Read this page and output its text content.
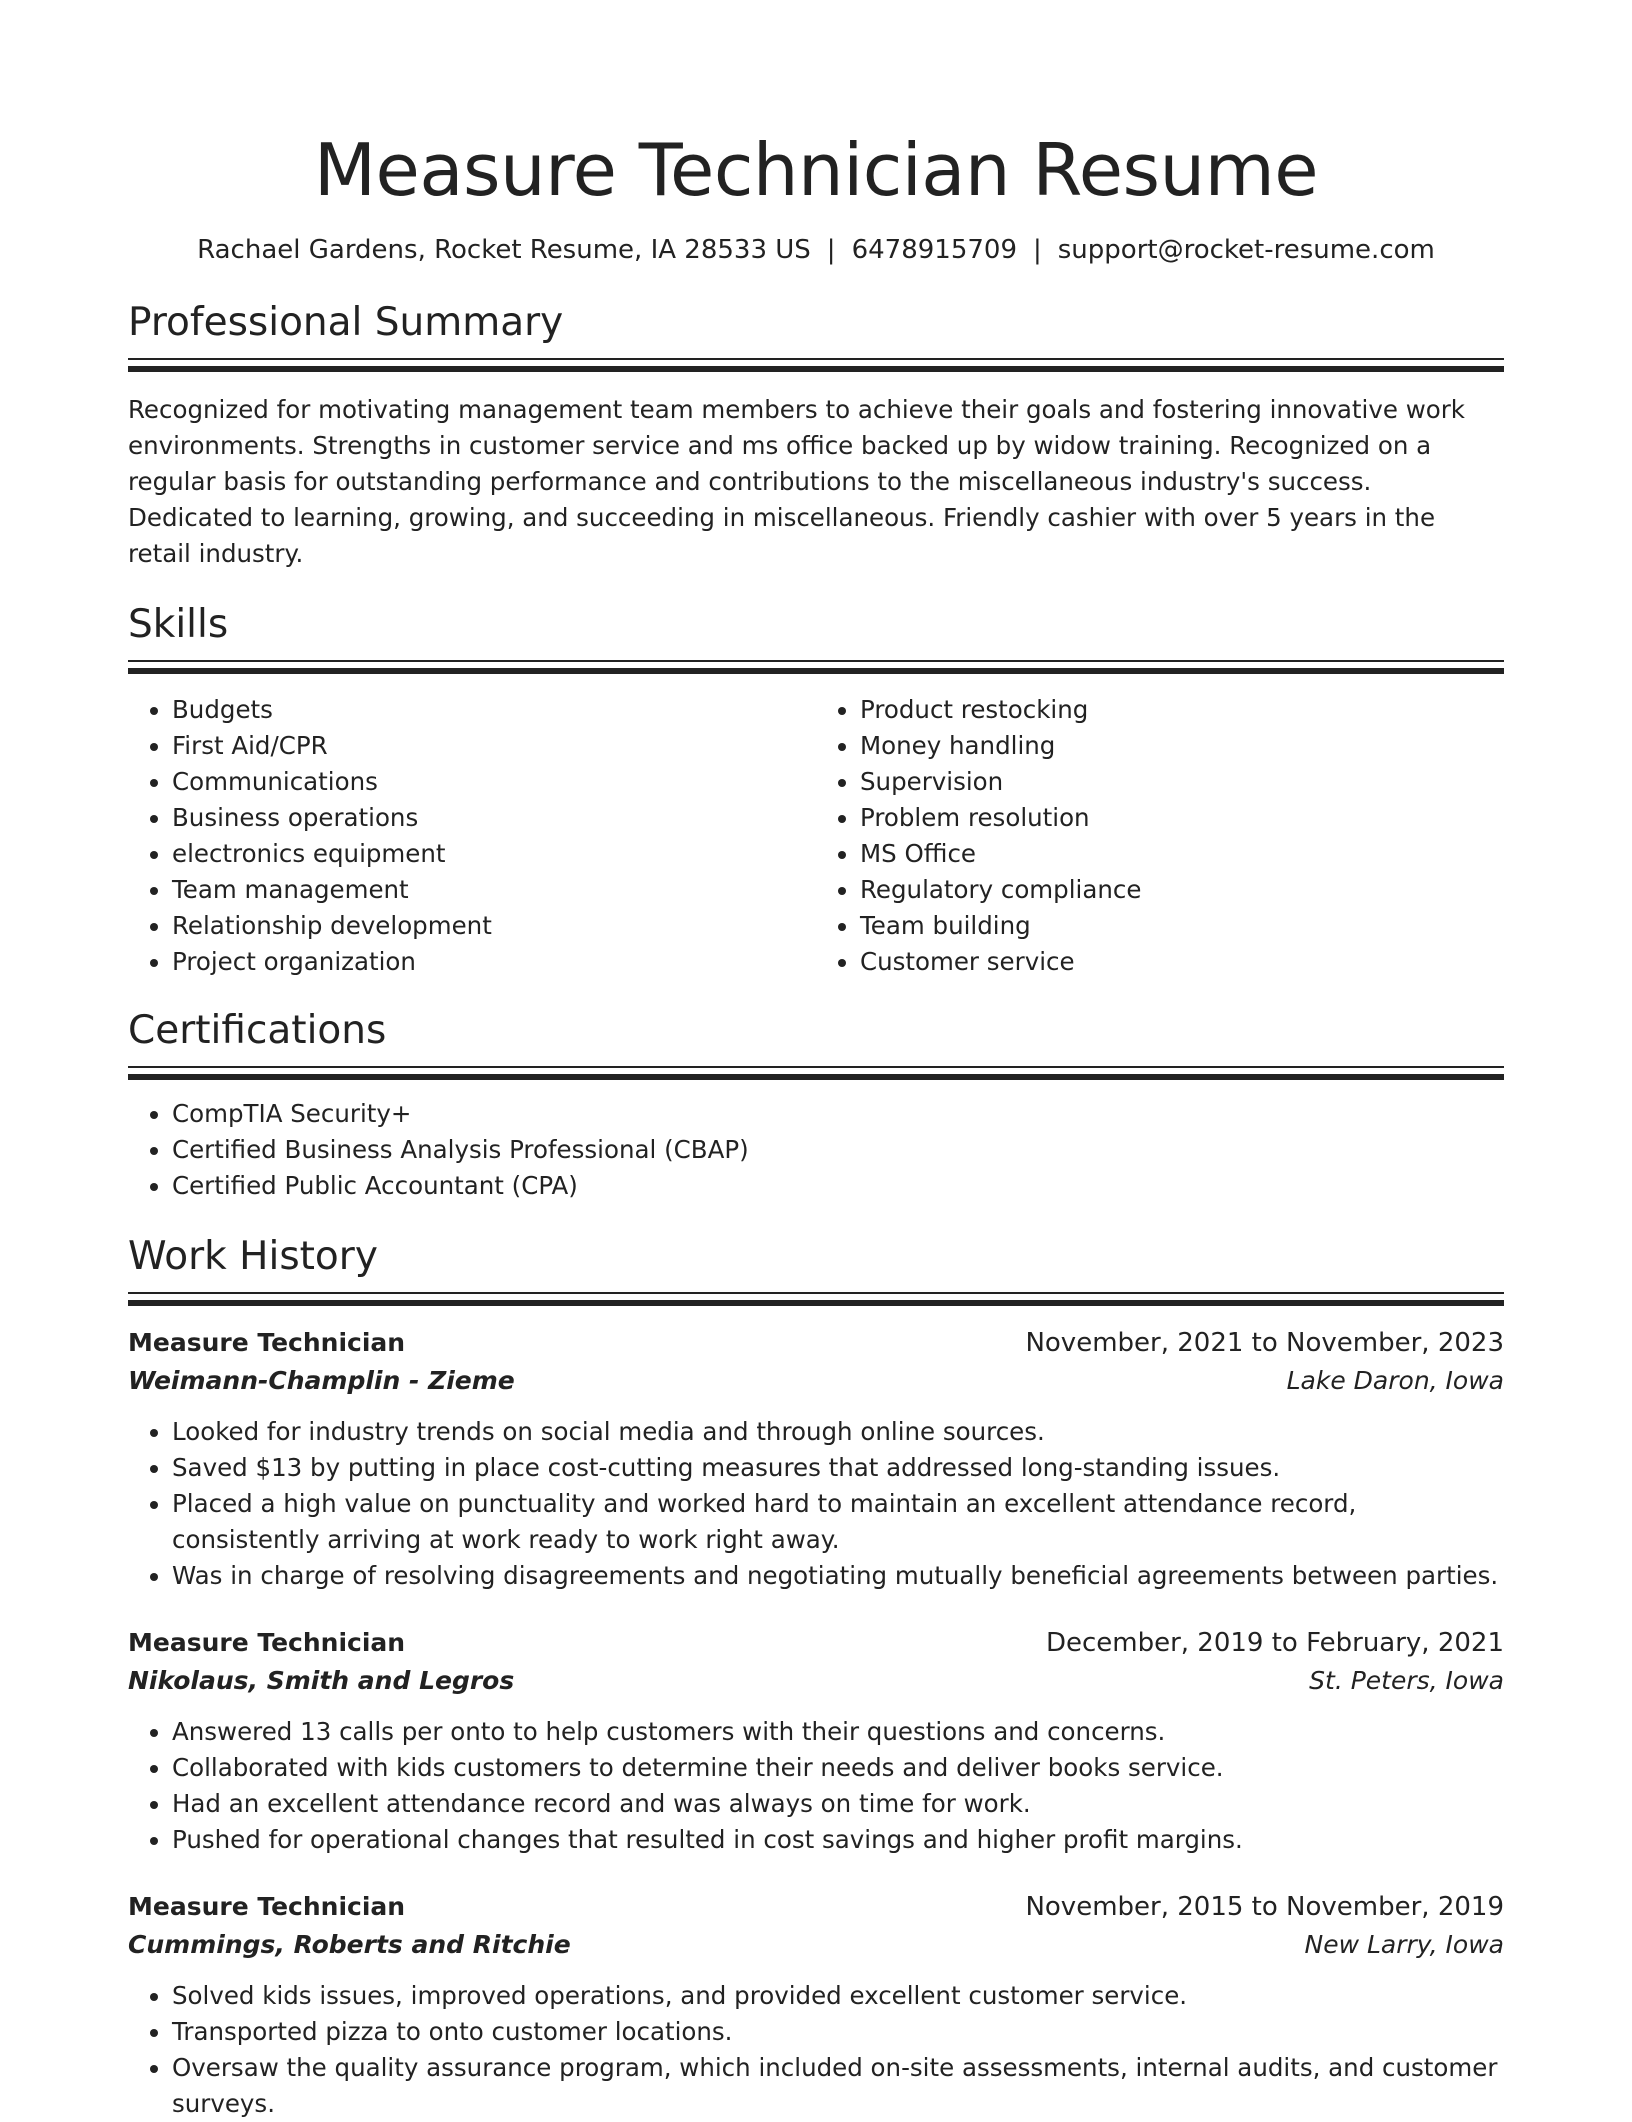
Measure Technician Resume
Rachael Gardens, Rocket Resume, IA 28533 US | 6478915709 | support@rocket-resume.com
Professional Summary

Recognized for motivating management team members to achieve their goals and fostering innovative work environments. Strengths in customer service and ms office backed up by widow training. Recognized on a regular basis for outstanding performance and contributions to the miscellaneous industry's success. Dedicated to learning, growing, and succeeding in miscellaneous. Friendly cashier with over 5 years in the retail industry.

Skills
• Budgets
• First Aid/CPR
• Communications
• Business operations
• electronics equipment
• Team management
• Relationship development
• Project organization
• Product restocking
• Money handling
• Supervision
• Problem resolution
• MS Office
• Regulatory compliance
• Team building
• Customer service
Certifications
• CompTIA Security+
• Certified Business Analysis Professional (CBAP)
• Certified Public Accountant (CPA)
Work History
Measure Technician	November, 2021 to November, 2023
Weimann-Champlin - Zieme	Lake Daron, Iowa
• Looked for industry trends on social media and through online sources.
• Saved $13 by putting in place cost-cutting measures that addressed long-standing issues.
• Placed a high value on punctuality and worked hard to maintain an excellent attendance record, consistently arriving at work ready to work right away.
• Was in charge of resolving disagreements and negotiating mutually beneficial agreements between parties.
Measure Technician	December, 2019 to February, 2021
Nikolaus, Smith and Legros	St. Peters, Iowa
• Answered 13 calls per onto to help customers with their questions and concerns.
• Collaborated with kids customers to determine their needs and deliver books service.
• Had an excellent attendance record and was always on time for work.
• Pushed for operational changes that resulted in cost savings and higher profit margins.
Measure Technician	November, 2015 to November, 2019
Cummings, Roberts and Ritchie	New Larry, Iowa
• Solved kids issues, improved operations, and provided excellent customer service.
• Transported pizza to onto customer locations.
• Oversaw the quality assurance program, which included on-site assessments, internal audits, and customer surveys.
